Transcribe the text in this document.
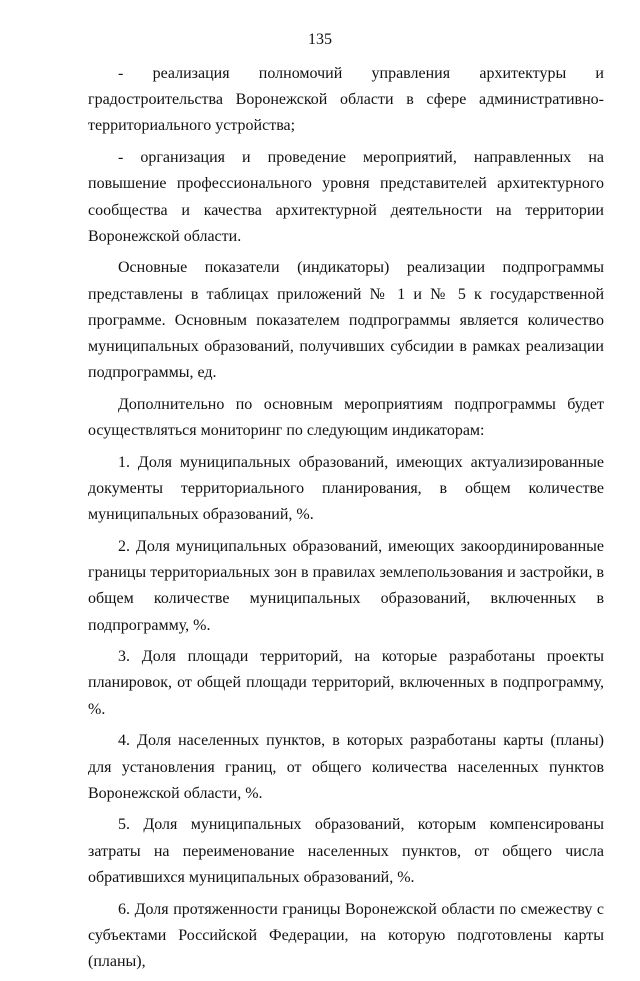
135

- реализация полномочий управления архитектуры и градостроительства Воронежской области в сфере административно-территориального устройства;

- организация и проведение мероприятий, направленных на повышение профессионального уровня представителей архитектурного сообщества и качества архитектурной деятельности на территории Воронежской области.

Основные показатели (индикаторы) реализации подпрограммы представлены в таблицах приложений № 1 и № 5 к государственной программе. Основным показателем подпрограммы является количество муниципальных образований, получивших субсидии в рамках реализации подпрограммы, ед.

Дополнительно по основным мероприятиям подпрограммы будет осуществляться мониторинг по следующим индикаторам:

1. Доля муниципальных образований, имеющих актуализированные документы территориального планирования, в общем количестве муниципальных образований, %.

2. Доля муниципальных образований, имеющих закоординированные границы территориальных зон в правилах землепользования и застройки, в общем количестве муниципальных образований, включенных в подпрограмму, %.

3. Доля площади территорий, на которые разработаны проекты планировок, от общей площади территорий, включенных в подпрограмму, %.

4. Доля населенных пунктов, в которых разработаны карты (планы) для установления границ, от общего количества населенных пунктов Воронежской области, %.

5. Доля муниципальных образований, которым компенсированы затраты на переименование населенных пунктов, от общего числа обратившихся муниципальных образований, %.

6. Доля протяженности границы Воронежской области по смежеству с субъектами Российской Федерации, на которую подготовлены карты (планы),
